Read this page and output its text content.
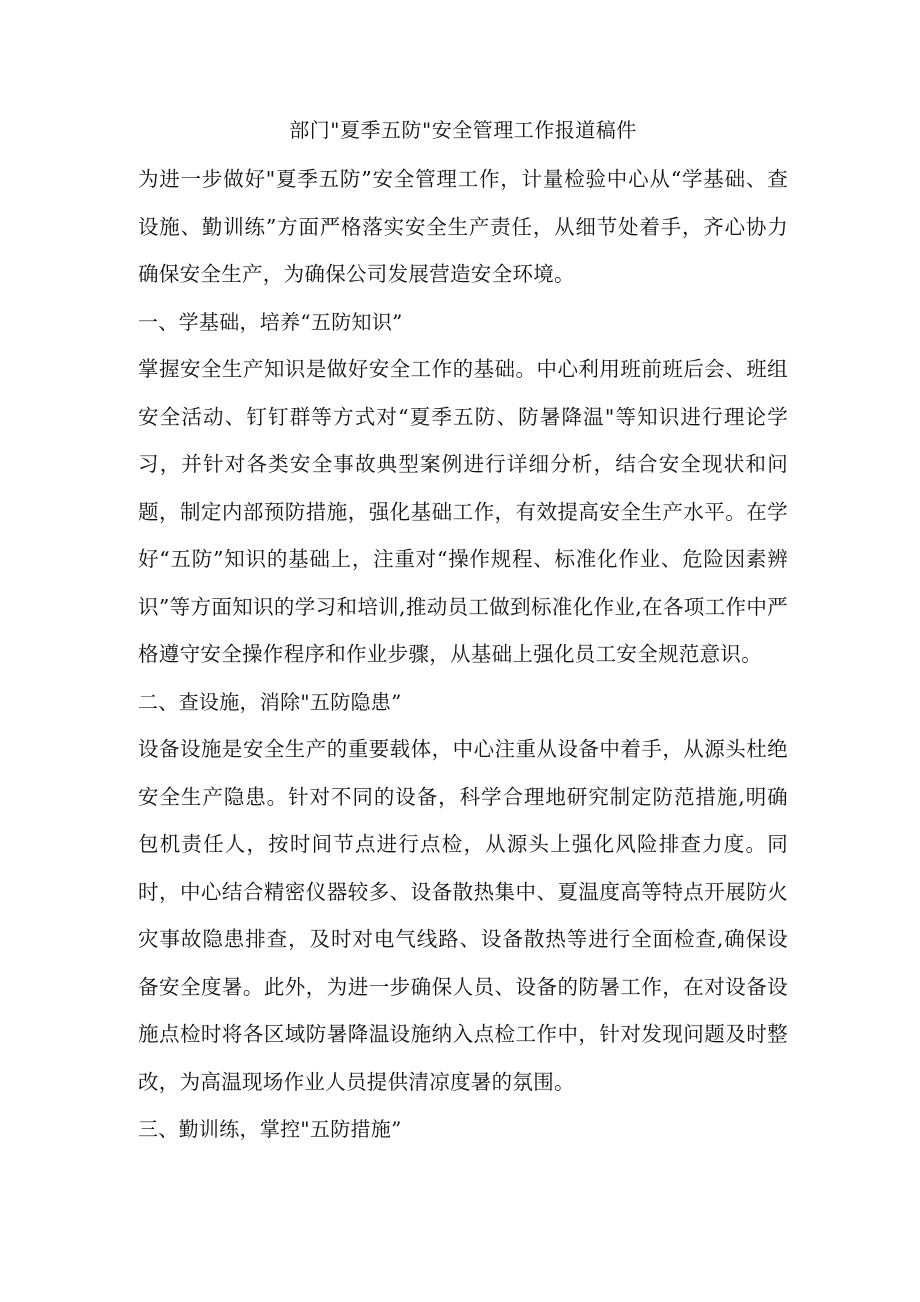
部门"夏季五防"安全管理工作报道稿件

为进一步做好"夏季五防”安全管理工作，计量检验中心从“学基础、查设施、勤训练”方面严格落实安全生产责任，从细节处着手，齐心协力确保安全生产，为确保公司发展营造安全环境。

一、学基础，培养“五防知识”

掌握安全生产知识是做好安全工作的基础。中心利用班前班后会、班组安全活动、钉钉群等方式对“夏季五防、防暑降温"等知识进行理论学习，并针对各类安全事故典型案例进行详细分析，结合安全现状和问题，制定内部预防措施，强化基础工作，有效提高安全生产水平。在学好“五防”知识的基础上，注重对“操作规程、标准化作业、危险因素辨识”等方面知识的学习和培训,推动员工做到标准化作业,在各项工作中严格遵守安全操作程序和作业步骤，从基础上强化员工安全规范意识。

二、查设施，消除"五防隐患”

设备设施是安全生产的重要载体，中心注重从设备中着手，从源头杜绝安全生产隐患。针对不同的设备，科学合理地研究制定防范措施,明确包机责任人，按时间节点进行点检，从源头上强化风险排查力度。同时，中心结合精密仪器较多、设备散热集中、夏温度高等特点开展防火灾事故隐患排查，及时对电气线路、设备散热等进行全面检查,确保设备安全度暑。此外，为进一步确保人员、设备的防暑工作，在对设备设施点检时将各区域防暑降温设施纳入点检工作中，针对发现问题及时整改，为高温现场作业人员提供清凉度暑的氛围。

三、勤训练，掌控"五防措施”
